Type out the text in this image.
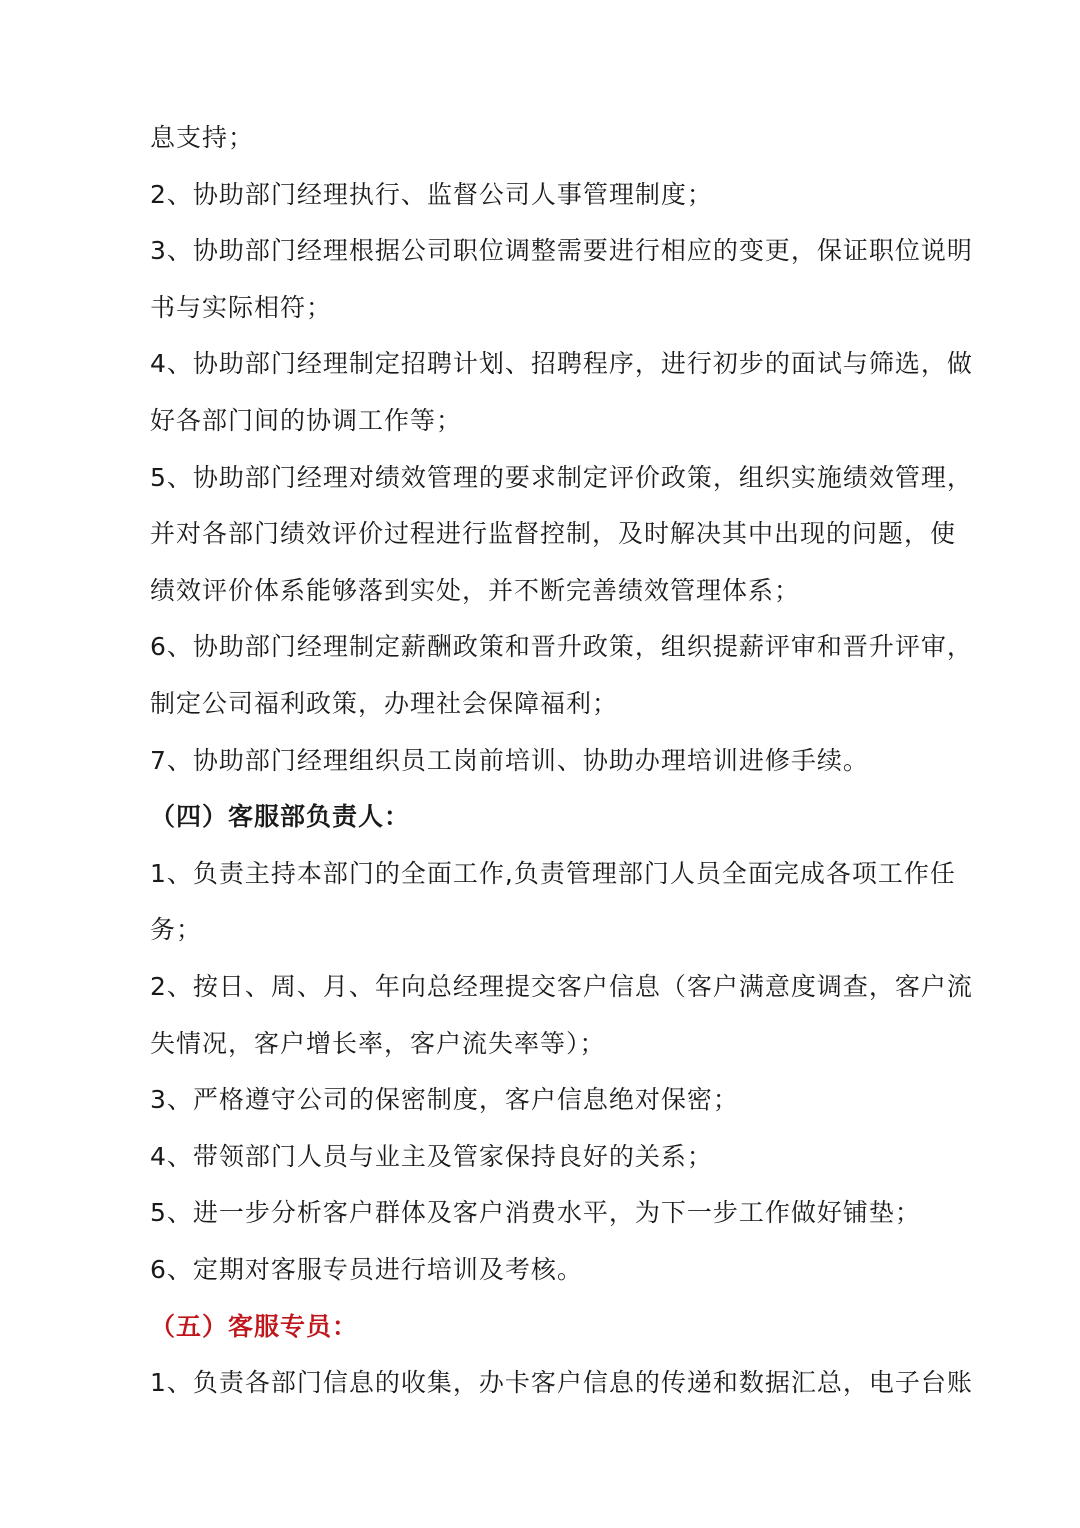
息支持；
2、协助部门经理执行、监督公司人事管理制度；
3、协助部门经理根据公司职位调整需要进行相应的变更，保证职位说明
书与实际相符；
4、协助部门经理制定招聘计划、招聘程序，进行初步的面试与筛选，做
好各部门间的协调工作等；
5、协助部门经理对绩效管理的要求制定评价政策，组织实施绩效管理，
并对各部门绩效评价过程进行监督控制，及时解决其中出现的问题，使
绩效评价体系能够落到实处，并不断完善绩效管理体系；
6、协助部门经理制定薪酬政策和晋升政策，组织提薪评审和晋升评审，
制定公司福利政策，办理社会保障福利；
7、协助部门经理组织员工岗前培训、协助办理培训进修手续。
（四）客服部负责人：
1、负责主持本部门的全面工作,负责管理部门人员全面完成各项工作任
务；
2、按日、周、月、年向总经理提交客户信息（客户满意度调查，客户流
失情况，客户增长率，客户流失率等）；
3、严格遵守公司的保密制度，客户信息绝对保密；
4、带领部门人员与业主及管家保持良好的关系；
5、进一步分析客户群体及客户消费水平，为下一步工作做好铺垫；
6、定期对客服专员进行培训及考核。
（五）客服专员：
1、负责各部门信息的收集，办卡客户信息的传递和数据汇总，电子台账
